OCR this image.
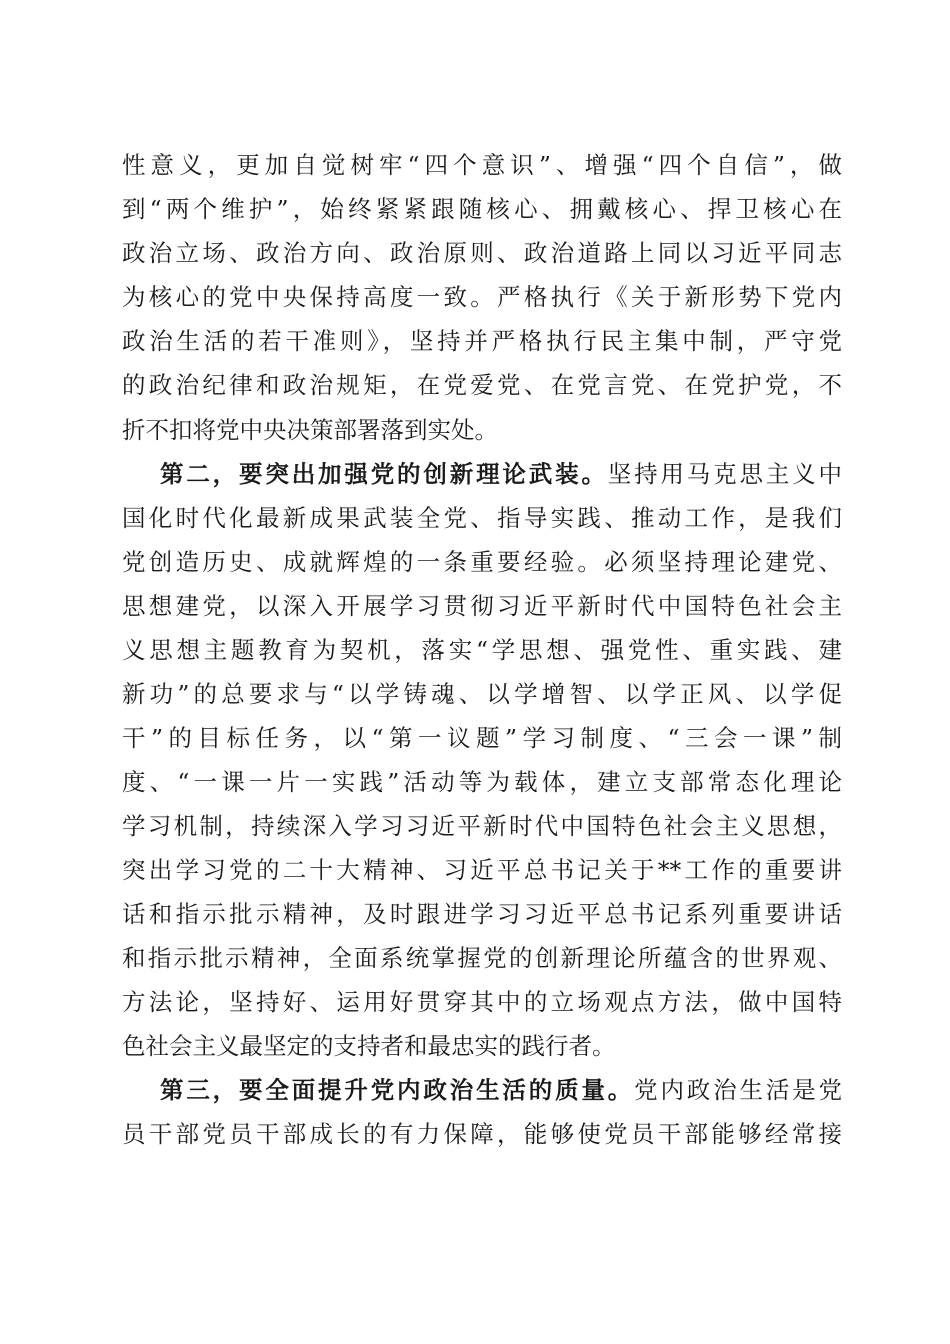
性意义，更加自觉树牢“四个意识”、增强“四个自信”，做
到“两个维护”，始终紧紧跟随核心、拥戴核心、捍卫核心在
政治立场、政治方向、政治原则、政治道路上同以习近平同志
为核心的党中央保持高度一致。严格执行《关于新形势下党内
政治生活的若干准则》，坚持并严格执行民主集中制，严守党
的政治纪律和政治规矩，在党爱党、在党言党、在党护党，不
折不扣将党中央决策部署落到实处。
第二，要突出加强党的创新理论武装。坚持用马克思主义中
国化时代化最新成果武装全党、指导实践、推动工作，是我们
党创造历史、成就辉煌的一条重要经验。必须坚持理论建党、
思想建党，以深入开展学习贯彻习近平新时代中国特色社会主
义思想主题教育为契机，落实“学思想、强党性、重实践、建
新功”的总要求与“以学铸魂、以学增智、以学正风、以学促
干”的目标任务，以“第一议题”学习制度、“三会一课”制
度、“一课一片一实践”活动等为载体，建立支部常态化理论
学习机制，持续深入学习习近平新时代中国特色社会主义思想，
突出学习党的二十大精神、习近平总书记关于**工作的重要讲
话和指示批示精神，及时跟进学习习近平总书记系列重要讲话
和指示批示精神，全面系统掌握党的创新理论所蕴含的世界观、
方法论，坚持好、运用好贯穿其中的立场观点方法，做中国特
色社会主义最坚定的支持者和最忠实的践行者。
第三，要全面提升党内政治生活的质量。党内政治生活是党
员干部党员干部成长的有力保障，能够使党员干部能够经常接
